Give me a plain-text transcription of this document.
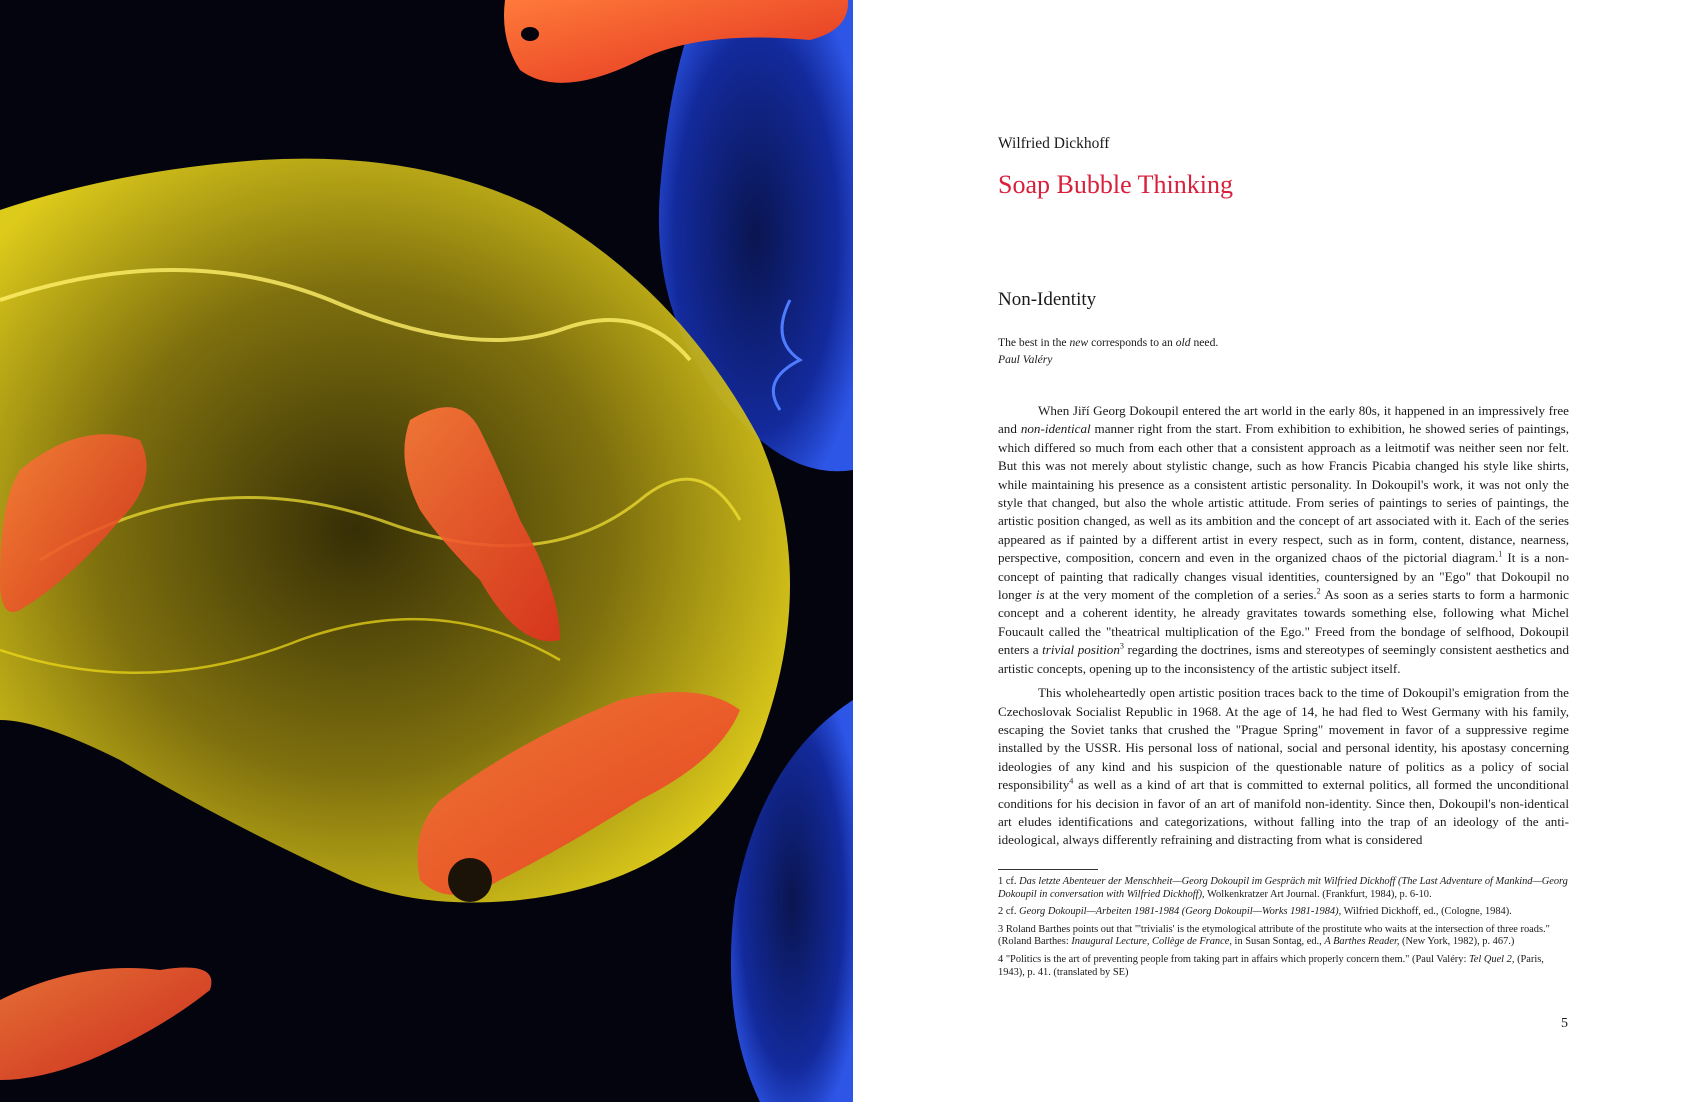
Wilfried Dickhoff
Soap Bubble Thinking
Non-Identity
The best in the new corresponds to an old need.
Paul Valéry

When Jiří Georg Dokoupil entered the art world in the early 80s, it happened in an impressively free and non-identical manner right from the start. From exhibition to exhibition, he showed series of paintings, which differed so much from each other that a consistent approach as a leitmotif was neither seen nor felt. But this was not merely about stylistic change, such as how Francis Picabia changed his style like shirts, while maintaining his presence as a consistent artistic personality. In Dokoupil's work, it was not only the style that changed, but also the whole artistic attitude. From series of paintings to series of paintings, the artistic position changed, as well as its ambition and the concept of art associated with it. Each of the series appeared as if painted by a different artist in every respect, such as in form, content, distance, nearness, perspective, composition, concern and even in the organized chaos of the pictorial diagram.$^1$ It is a non-concept of painting that radically changes visual identities, countersigned by an "Ego" that Dokoupil no longer is at the very moment of the completion of a series.$^2$ As soon as a series starts to form a harmonic concept and a coherent identity, he already gravitates towards something else, following what Michel Foucault called the "theatrical multiplication of the Ego." Freed from the bondage of selfhood, Dokoupil enters a trivial position$^3$ regarding the doctrines, isms and stereotypes of seemingly consistent aesthetics and artistic concepts, opening up to the inconsistency of the artistic subject itself.

This wholeheartedly open artistic position traces back to the time of Dokoupil's emigration from the Czechoslovak Socialist Republic in 1968. At the age of 14, he had fled to West Germany with his family, escaping the Soviet tanks that crushed the "Prague Spring" movement in favor of a suppressive regime installed by the USSR. His personal loss of national, social and personal identity, his apostasy concerning ideologies of any kind and his suspicion of the questionable nature of politics as a policy of social responsibility$^4$ as well as a kind of art that is committed to external politics, all formed the unconditional conditions for his decision in favor of an art of manifold non-identity. Since then, Dokoupil's non-identical art eludes identifications and categorizations, without falling into the trap of an ideology of the anti-ideological, always differently refraining and distracting from what is considered

1 cf. Das letzte Abenteuer der Menschheit—Georg Dokoupil im Gespräch mit Wilfried Dickhoff (The Last Adventure of Mankind—Georg Dokoupil in conversation with Wilfried Dickhoff), Wolkenkratzer Art Journal. (Frankfurt, 1984), p. 6-10.

2 cf. Georg Dokoupil—Arbeiten 1981-1984 (Georg Dokoupil—Works 1981-1984), Wilfried Dickhoff, ed., (Cologne, 1984).

3 Roland Barthes points out that "'trivialis' is the etymological attribute of the prostitute who waits at the intersection of three roads." (Roland Barthes: Inaugural Lecture, Collège de France, in Susan Sontag, ed., A Barthes Reader, (New York, 1982), p. 467.)

4 "Politics is the art of preventing people from taking part in affairs which properly concern them." (Paul Valéry: Tel Quel 2, (Paris, 1943), p. 41. (translated by SE)

5
